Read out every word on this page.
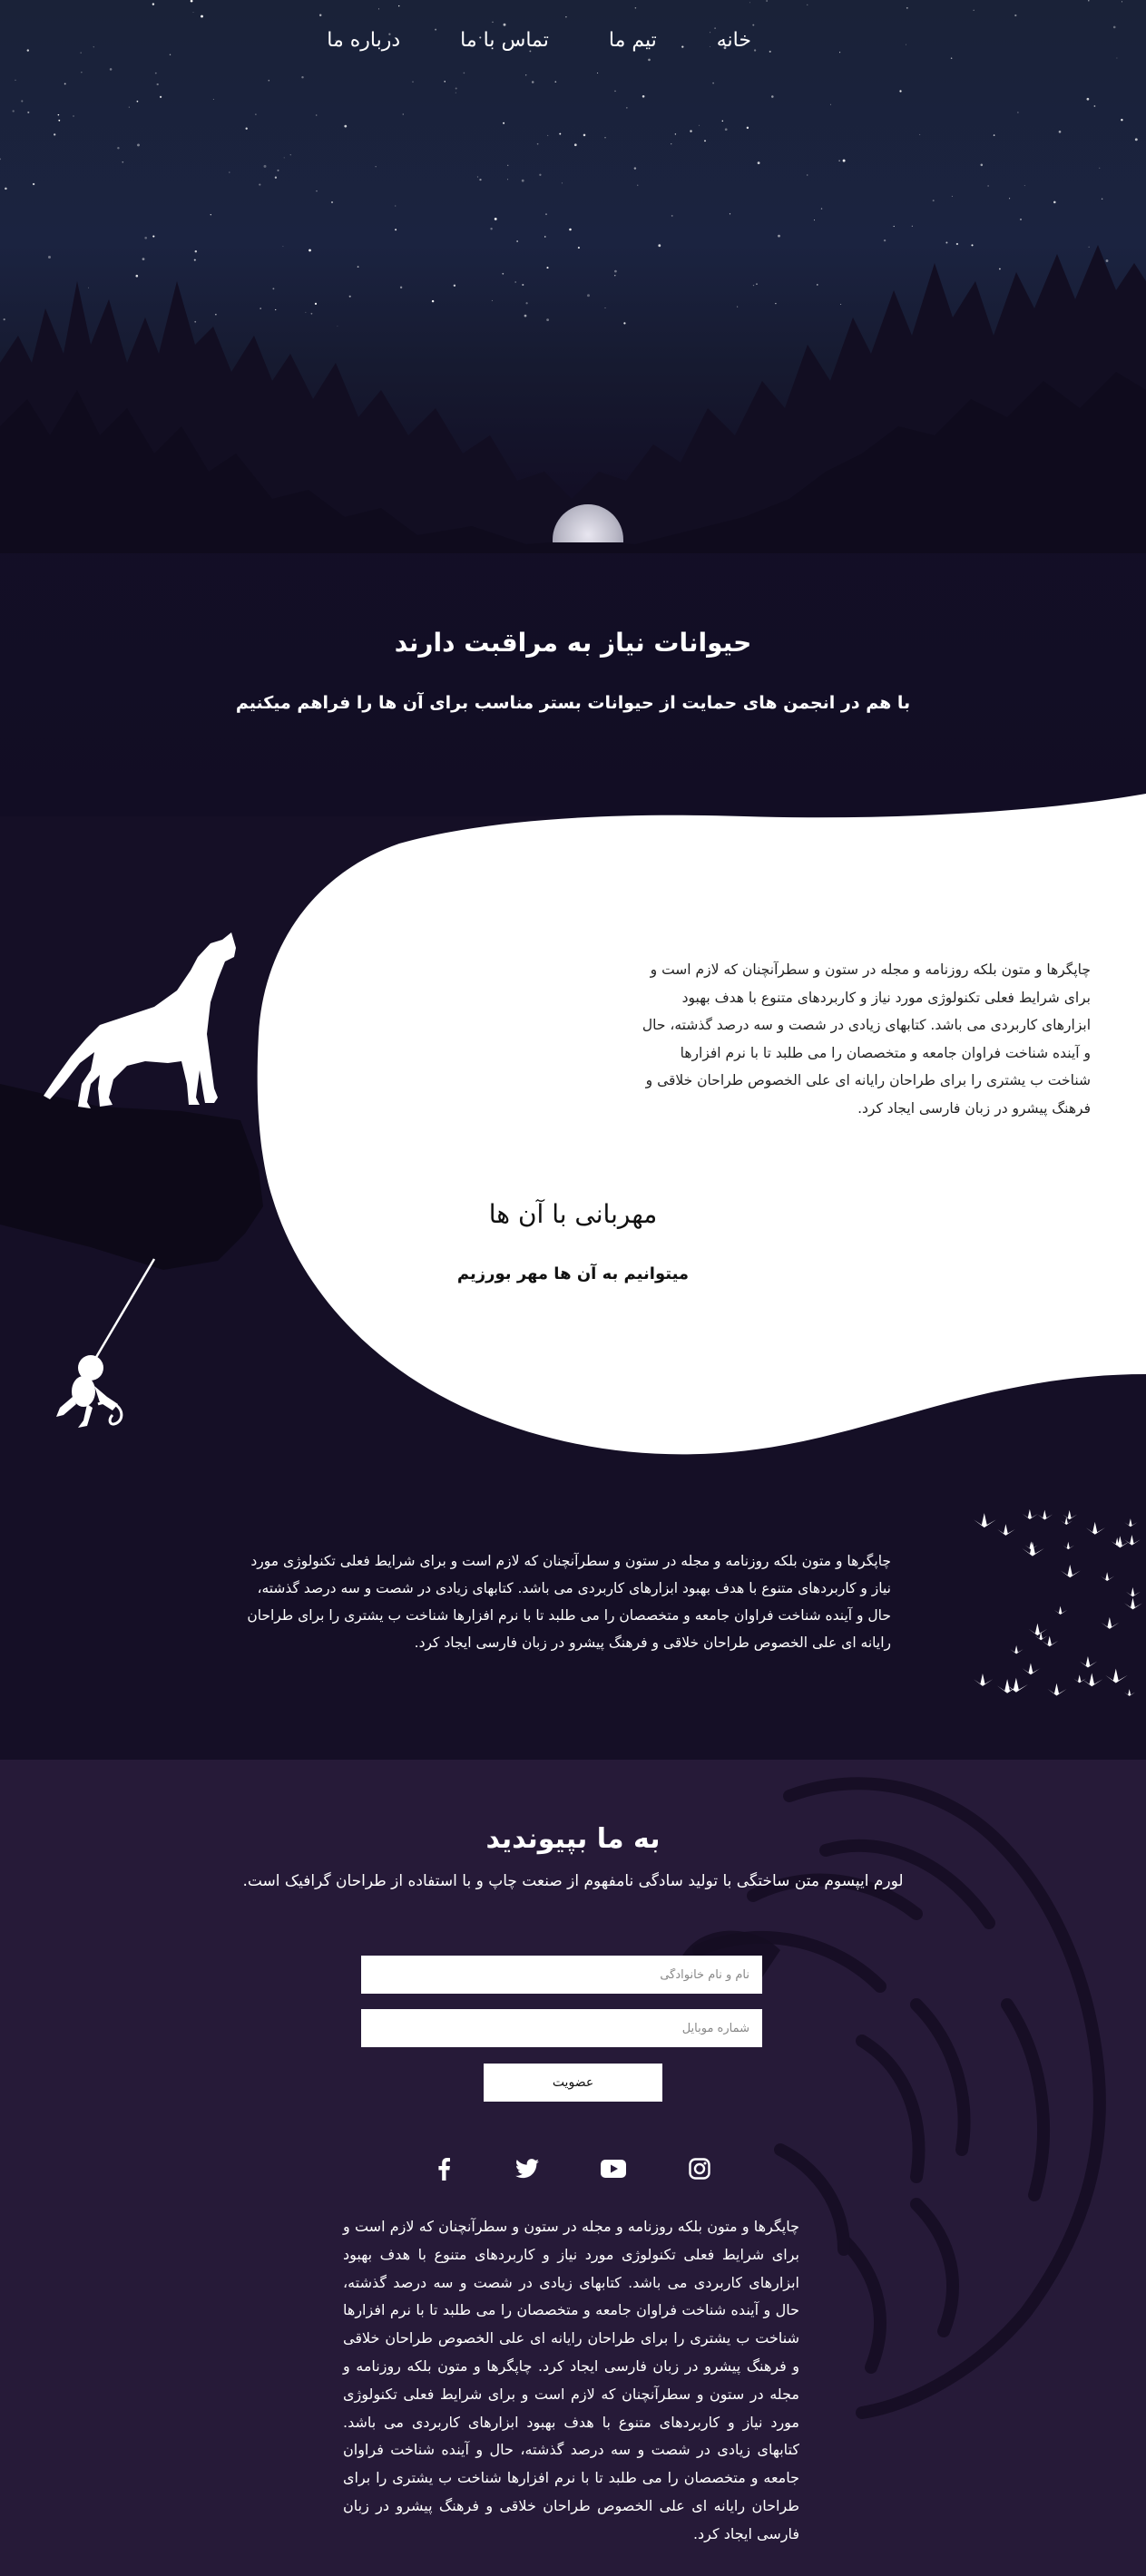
خانه
تیم ما
تماس با ما
درباره ما
حیوانات نیاز به مراقبت دارند
با هم در انجمن های حمایت از حیوانات بستر مناسب برای آن ها را فراهم میکنیم
چاپگرها و متون بلکه روزنامه و مجله در ستون و سطرآنچنان که لازم است و برای شرایط فعلی تکنولوژی مورد نیاز و کاربردهای متنوع با هدف بهبود ابزارهای کاربردی می باشد. کتابهای زیادی در شصت و سه درصد گذشته، حال و آینده شناخت فراوان جامعه و متخصصان را می طلبد تا با نرم افزارها شناخت ب یشتری را برای طراحان رایانه ای علی الخصوص طراحان خلاقی و فرهنگ پیشرو در زبان فارسی ایجاد کرد.
مهربانی با آن ها
میتوانیم به آن ها مهر بورزیم
چاپگرها و متون بلکه روزنامه و مجله در ستون و سطرآنچنان که لازم است و برای شرایط فعلی تکنولوژی مورد نیاز و کاربردهای متنوع با هدف بهبود ابزارهای کاربردی می باشد. کتابهای زیادی در شصت و سه درصد گذشته، حال و آینده شناخت فراوان جامعه و متخصصان را می طلبد تا با نرم افزارها شناخت ب یشتری را برای طراحان رایانه ای علی الخصوص طراحان خلاقی و فرهنگ پیشرو در زبان فارسی ایجاد کرد.
به ما بپیوندید
لورم ایپسوم متن ساختگی با تولید سادگی نامفهوم از صنعت چاپ و با استفاده از طراحان گرافیک است.
نام و نام خانوادگی
شماره موبایل
عضویت
چاپگرها و متون بلکه روزنامه و مجله در ستون و سطرآنچنان که لازم است و برای شرایط فعلی تکنولوژی مورد نیاز و کاربردهای متنوع با هدف بهبود ابزارهای کاربردی می باشد. کتابهای زیادی در شصت و سه درصد گذشته، حال و آینده شناخت فراوان جامعه و متخصصان را می طلبد تا با نرم افزارها شناخت ب یشتری را برای طراحان رایانه ای علی الخصوص طراحان خلاقی و فرهنگ پیشرو در زبان فارسی ایجاد کرد. چاپگرها و متون بلکه روزنامه و مجله در ستون و سطرآنچنان که لازم است و برای شرایط فعلی تکنولوژی مورد نیاز و کاربردهای متنوع با هدف بهبود ابزارهای کاربردی می باشد. کتابهای زیادی در شصت و سه درصد گذشته، حال و آینده شناخت فراوان جامعه و متخصصان را می طلبد تا با نرم افزارها شناخت ب یشتری را برای طراحان رایانه ای علی الخصوص طراحان خلاقی و فرهنگ پیشرو در زبان فارسی ایجاد کرد.
